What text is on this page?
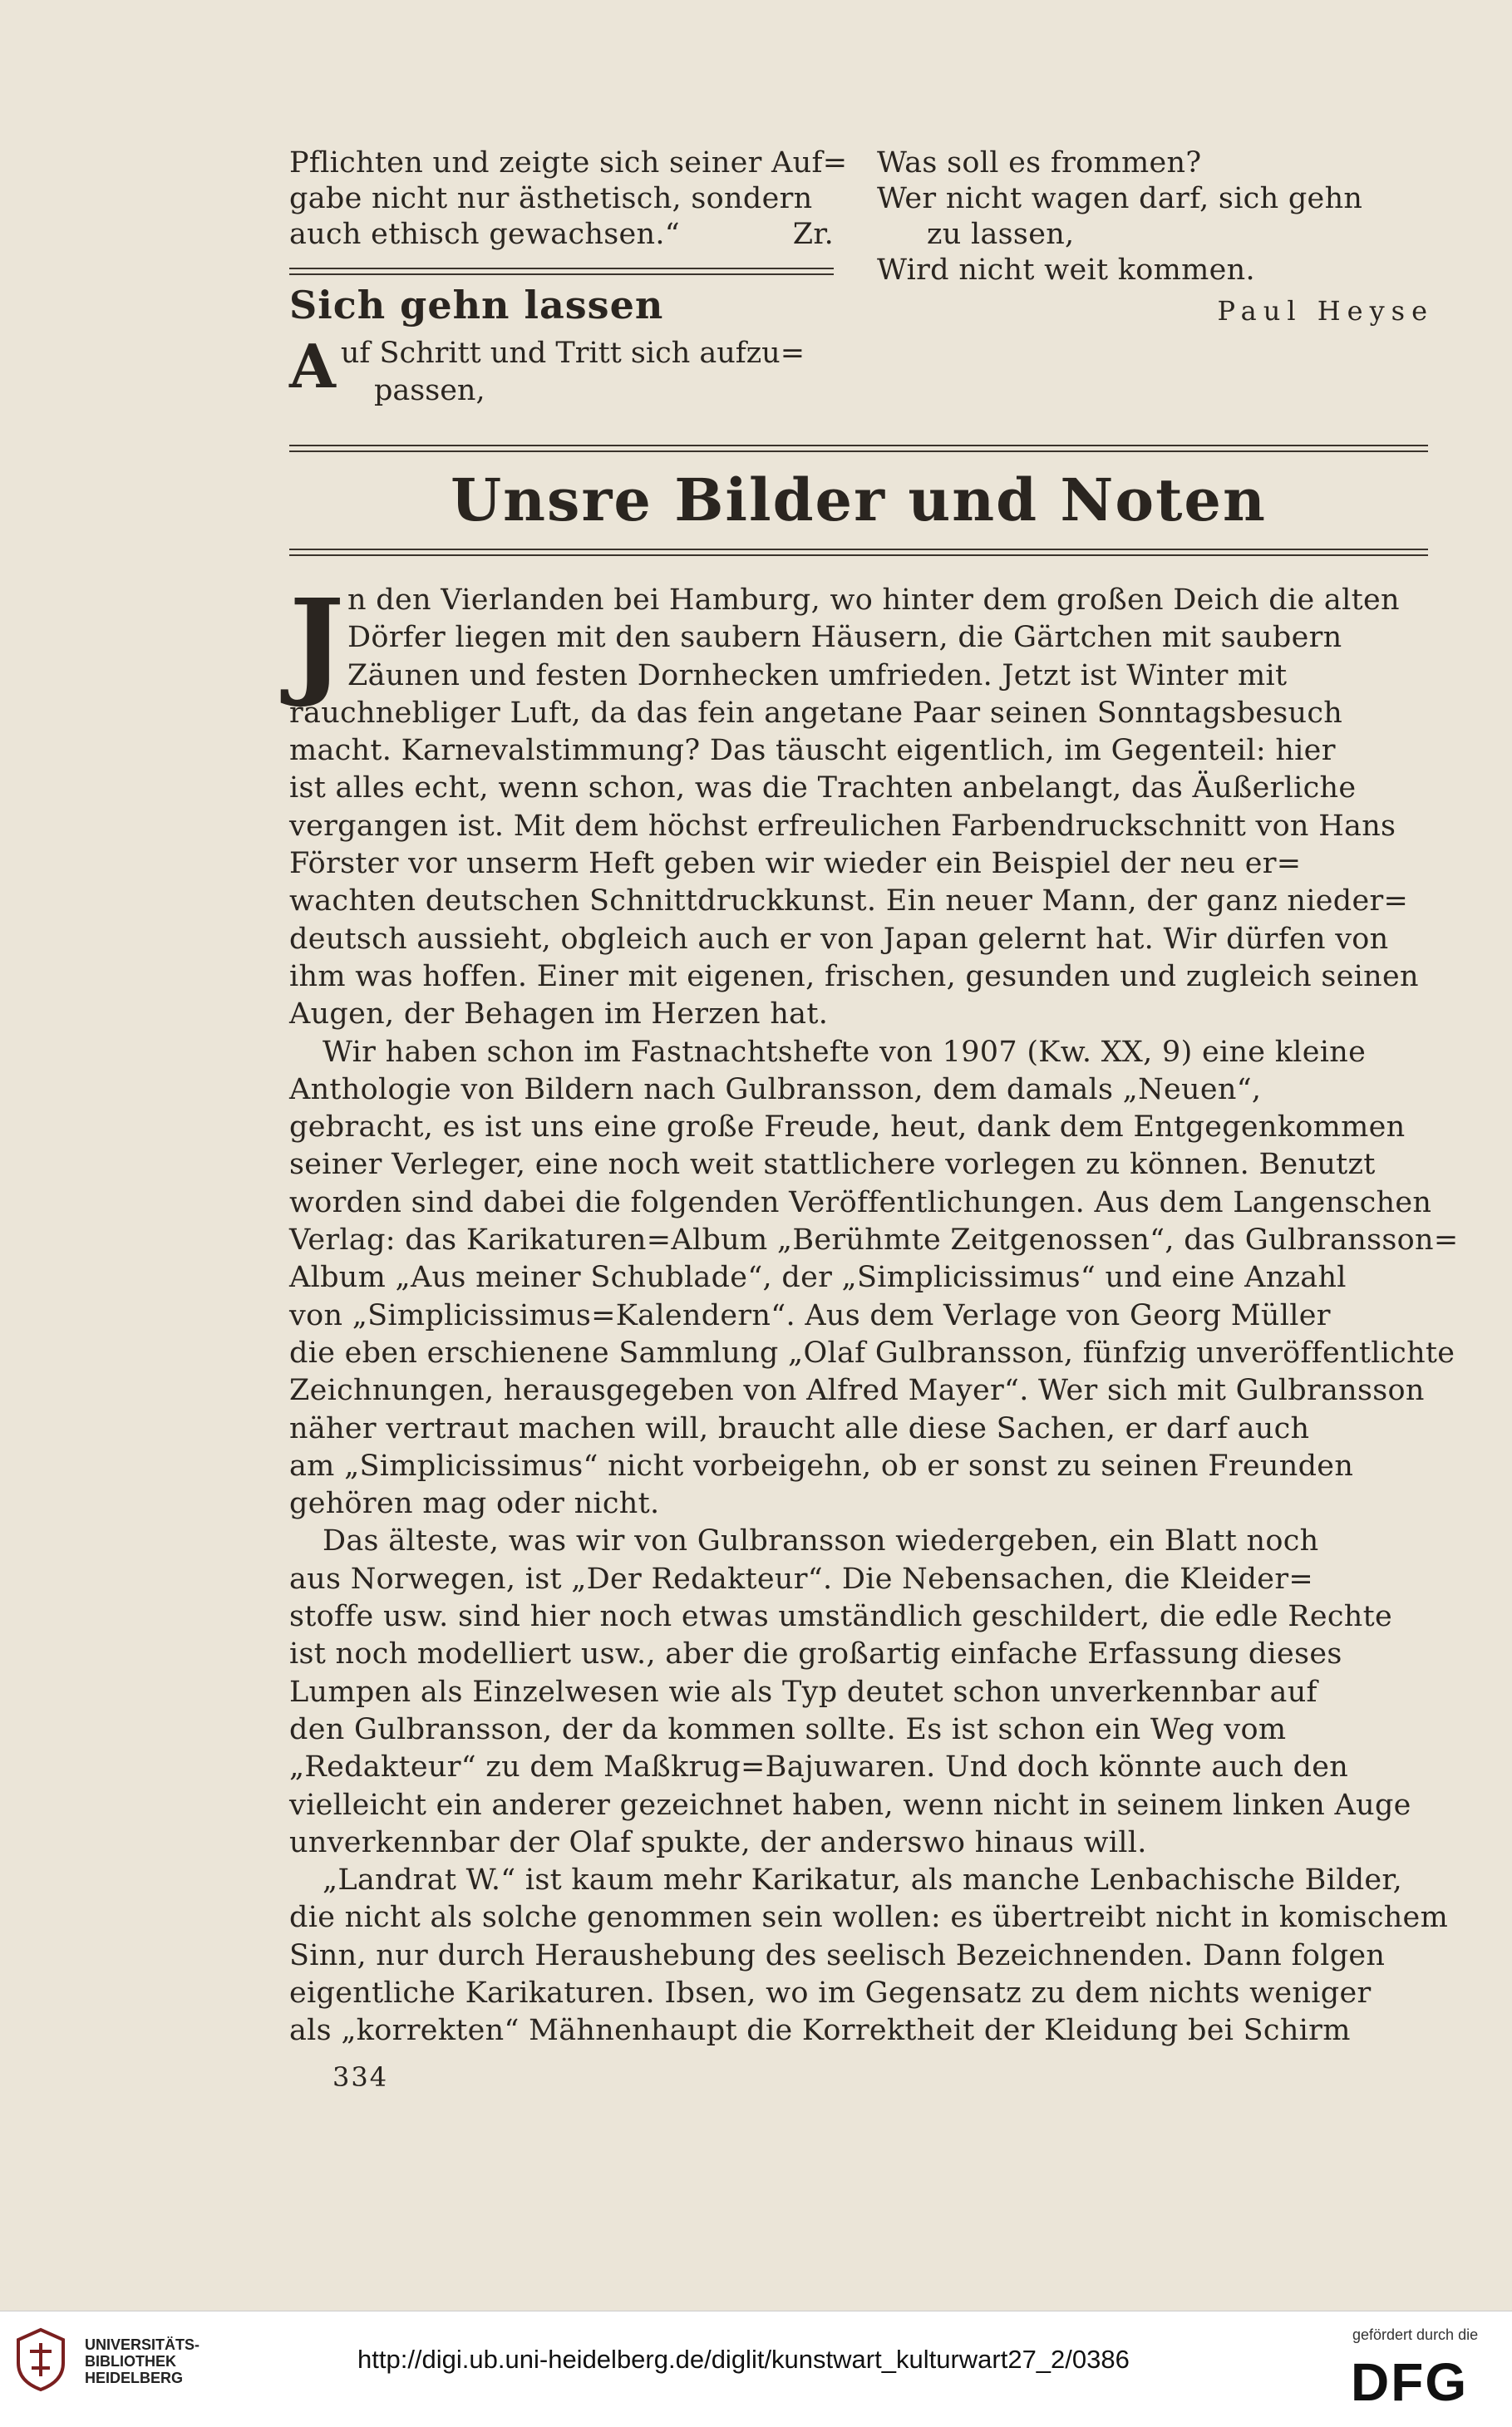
Pflichten und zeigte sich seiner Auf=
gabe nicht nur ästhetisch, sondern
auch ethisch gewachsen.“	Zr.
Sich gehn lassen
Auf Schritt und Tritt sich aufzu=
passen,
Was soll es frommen?
Wer nicht wagen darf, sich gehn
zu lassen,
Wird nicht weit kommen.
Paul Heyse
Unsre Bilder und Noten
J n den Vierlanden bei Hamburg, wo hinter dem großen Deich die alten
Dörfer liegen mit den saubern Häusern, die Gärtchen mit saubern
Zäunen und festen Dornhecken umfrieden. Jetzt ist Winter mit
rauchnebliger Luft, da das fein angetane Paar seinen Sonntagsbesuch
macht. Karnevalstimmung? Das täuscht eigentlich, im Gegenteil: hier
ist alles echt, wenn schon, was die Trachten anbelangt, das Äußerliche
vergangen ist. Mit dem höchst erfreulichen Farbendruckschnitt von Hans
Förster vor unserm Heft geben wir wieder ein Beispiel der neu er=
wachten deutschen Schnittdruckkunst. Ein neuer Mann, der ganz nieder=
deutsch aussieht, obgleich auch er von Japan gelernt hat. Wir dürfen von
ihm was hoffen. Einer mit eigenen, frischen, gesunden und zugleich seinen
Augen, der Behagen im Herzen hat.
Wir haben schon im Fastnachtshefte von 1907 (Kw. XX, 9) eine kleine
Anthologie von Bildern nach Gulbransson, dem damals „Neuen“,
gebracht, es ist uns eine große Freude, heut, dank dem Entgegenkommen
seiner Verleger, eine noch weit stattlichere vorlegen zu können. Benutzt
worden sind dabei die folgenden Veröffentlichungen. Aus dem Langenschen
Verlag: das Karikaturen=Album „Berühmte Zeitgenossen“, das Gulbransson=
Album „Aus meiner Schublade“, der „Simplicissimus“ und eine Anzahl
von „Simplicissimus=Kalendern“. Aus dem Verlage von Georg Müller
die eben erschienene Sammlung „Olaf Gulbransson, fünfzig unveröffentlichte
Zeichnungen, herausgegeben von Alfred Mayer“. Wer sich mit Gulbransson
näher vertraut machen will, braucht alle diese Sachen, er darf auch
am „Simplicissimus“ nicht vorbeigehn, ob er sonst zu seinen Freunden
gehören mag oder nicht.
Das älteste, was wir von Gulbransson wiedergeben, ein Blatt noch
aus Norwegen, ist „Der Redakteur“. Die Nebensachen, die Kleider=
stoffe usw. sind hier noch etwas umständlich geschildert, die edle Rechte
ist noch modelliert usw., aber die großartig einfache Erfassung dieses
Lumpen als Einzelwesen wie als Typ deutet schon unverkennbar auf
den Gulbransson, der da kommen sollte. Es ist schon ein Weg vom
„Redakteur“ zu dem Maßkrug=Bajuwaren. Und doch könnte auch den
vielleicht ein anderer gezeichnet haben, wenn nicht in seinem linken Auge
unverkennbar der Olaf spukte, der anderswo hinaus will.
„Landrat W.“ ist kaum mehr Karikatur, als manche Lenbachische Bilder,
die nicht als solche genommen sein wollen: es übertreibt nicht in komischem
Sinn, nur durch Heraushebung des seelisch Bezeichnenden. Dann folgen
eigentliche Karikaturen. Ibsen, wo im Gegensatz zu dem nichts weniger
als „korrekten“ Mähnenhaupt die Korrektheit der Kleidung bei Schirm
334
UNIVERSITÄTS-
BIBLIOTHEK
HEIDELBERG
http://digi.ub.uni-heidelberg.de/diglit/kunstwart_kulturwart27_2/0386
gefördert durch die
DFG
